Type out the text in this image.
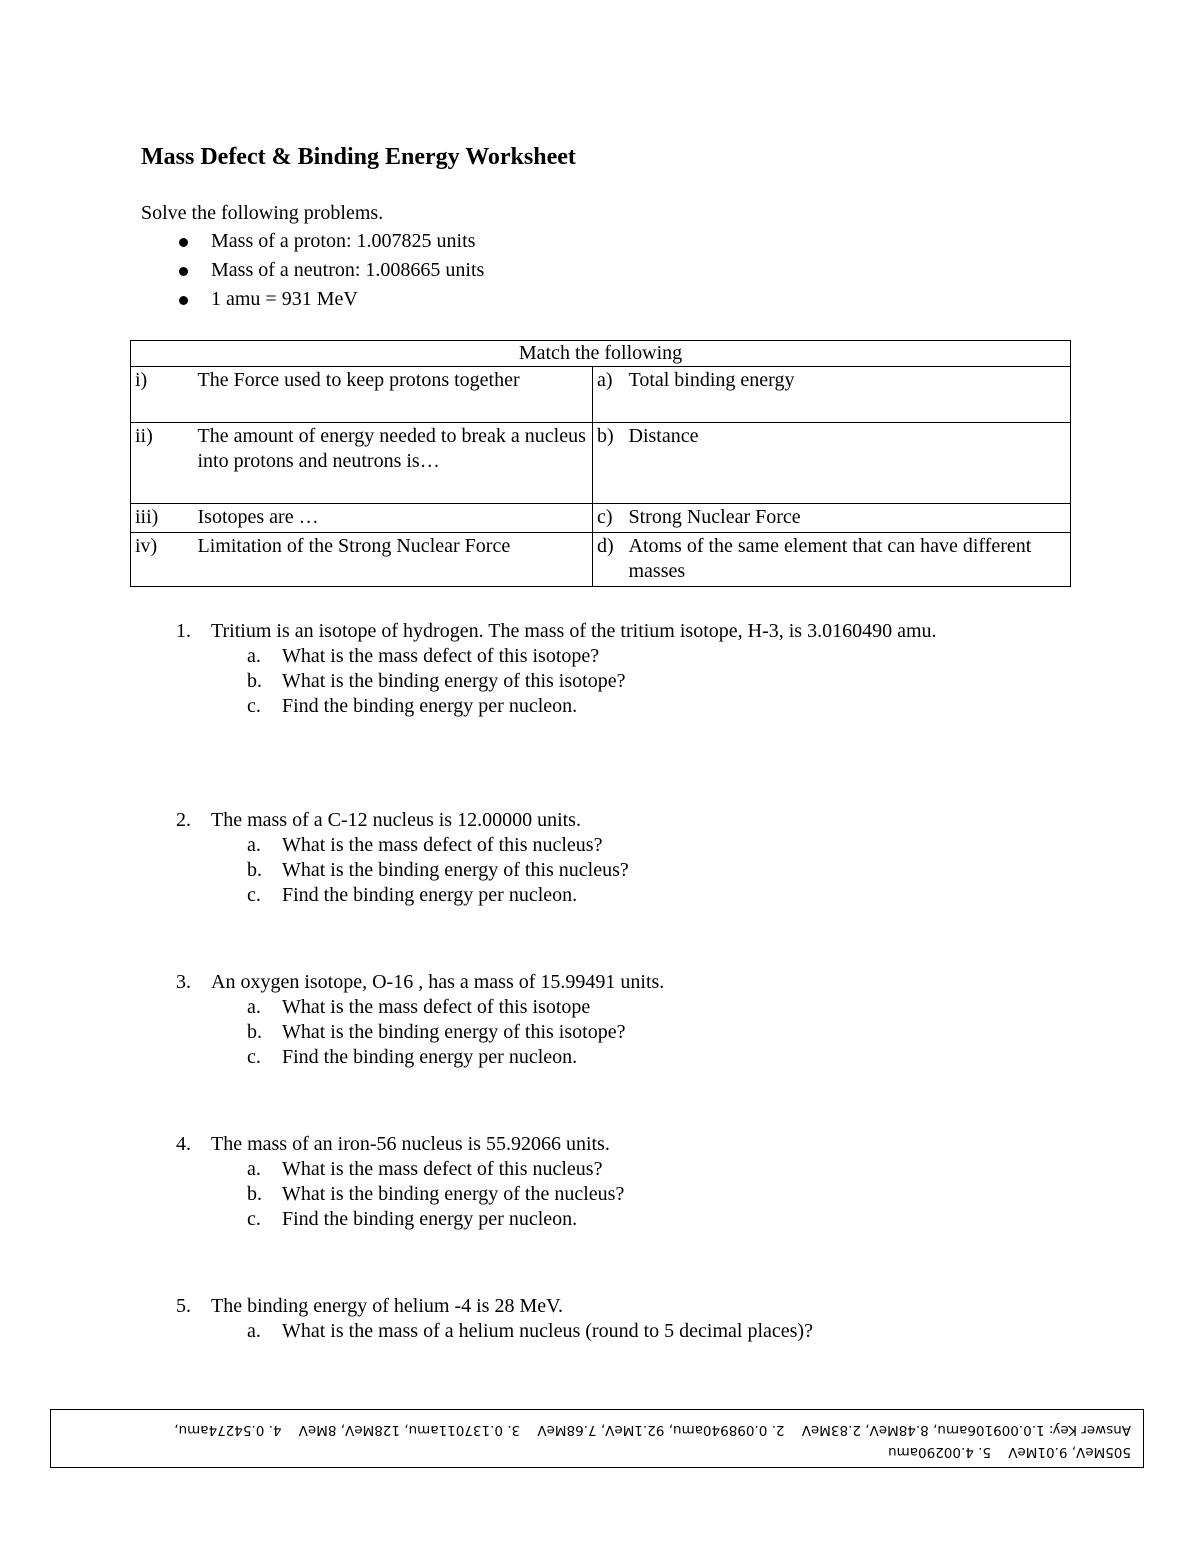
Mass Defect & Binding Energy Worksheet
Solve the following problems.
Mass of a proton: 1.007825 units
Mass of a neutron: 1.008665 units
1 amu = 931 MeV
Match the following			
i)	The Force used to keep protons together	a)	Total binding energy
ii)	The amount of energy needed to break a nucleus into protons and neutrons is…	b)	Distance
iii)	Isotopes are …	c)	Strong Nuclear Force
iv)	Limitation of the Strong Nuclear Force	d)	Atoms of the same element that can have different masses
1. Tritium is an isotope of hydrogen. The mass of the tritium isotope, H-3, is 3.0160490 amu.
a. What is the mass defect of this isotope?
b. What is the binding energy of this isotope?
c. Find the binding energy per nucleon.
2. The mass of a C-12 nucleus is 12.00000 units.
a. What is the mass defect of this nucleus?
b. What is the binding energy of this nucleus?
c. Find the binding energy per nucleon.
3. An oxygen isotope, O-16 , has a mass of 15.99491 units.
a. What is the mass defect of this isotope
b. What is the binding energy of this isotope?
c. Find the binding energy per nucleon.
4. The mass of an iron-56 nucleus is 55.92066 units.
a. What is the mass defect of this nucleus?
b. What is the binding energy of the nucleus?
c. Find the binding energy per nucleon.
5. The binding energy of helium -4 is 28 MeV.
a. What is the mass of a helium nucleus (round to 5 decimal places)?
Answer Key: 1.0.009106amu, 8.48MeV, 2.83MeV    2. 0.098940amu, 92.1MeV, 7.68MeV    3. 0.137011amu, 128MeV, 8MeV    4. 0.54274amu,
505MeV, 9.01MeV    5. 4.00290amu
